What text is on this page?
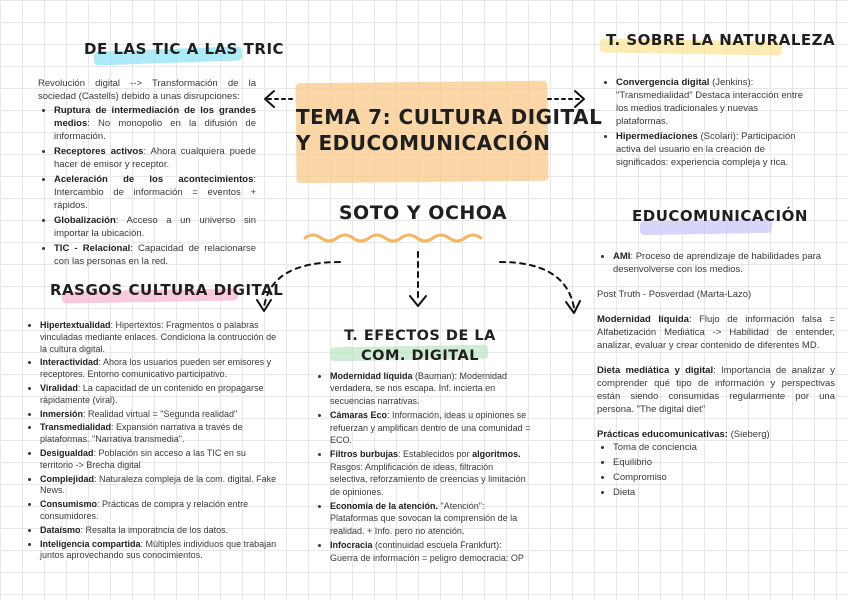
TEMA 7: CULTURA DIGITAL
Y EDUCOMUNICACIÓN
SOTO Y OCHOA
DE LAS TIC A LAS TRIC
Revolución digital --> Transformación de la sociedad (Castells) debido a unas disrupciones:
• Ruptura de intermediación de los grandes medios: No monopolio en la difusión de información.
• Receptores activos: Ahora cualquiera puede hacer de emisor y receptor.
• Aceleración de los acontecimientos: Intercambio de información = eventos + rápidos.
• Globalización: Acceso a un universo sin importar la ubicación.
• TIC - Relacional: Capacidad de relacionarse con las personas en la red.
T. SOBRE LA NATURALEZA
• Convergencia digital (Jenkins): "Transmedialidad" Destaca interacción entre los medios tradicionales y nuevas plataformas.
• Hipermediaciones (Scolari): Participación activa del usuario en la creación de significados: experiencia compleja y rica.
RASGOS CULTURA DIGITAL
• Hipertextualidad: Hipertextos: Fragmentos o palabras vinculadas mediante enlaces. Condiciona la contrucción de la cultura digital.
• Interactividad: Ahora los usuarios pueden ser emisores y receptores. Entorno comunicativo participativo.
• Viralidad: La capacidad de un contenido en propagarse rápidamente (viral).
• Inmersión: Realidad virtual = "Segunda realidad"
• Transmedialidad: Expansión narrativa a través de plataformas. "Narrativa transmedia".
• Desigualdad: Población sin acceso a las TIC en su territorio -> Brecha digital
• Complejidad: Naturaleza compleja de la com. digital. Fake News.
• Consumismo: Prácticas de compra y relación entre consumidores.
• Dataísmo: Resalta la imporatncia de los datos.
• Inteligencia compartida: Múltiples individuos que trabajan juntos aprovechando sus conocimientos.
T. EFECTOS DE LA
COM. DIGITAL
• Modernidad líquida (Bauman): Modernidad verdadera, se nos escapa. Inf. incierta en secuencias narrativas.
• Cámaras Eco: Información, ideas u opiniones se refuerzan y amplifican dentro de una comunidad = ECO.
• Filtros burbujas: Establecidos por algoritmos. Rasgos: Amplificación de ideas, filtración selectiva, reforzamiento de creencias y limitación de opiniones.
• Economía de la atención. "Atención": Plataformas que sovocan la comprensión de la realidad. + Info. pero no atención.
• Infocracia (continuidad escuela Frankfurt): Guerra de información = peligro democracia: OP
EDUCOMUNICACIÓN
• AMI: Proceso de aprendizaje de habilidades para desenvolverse con los medios.
Post Truth - Posverdad (Marta-Lazo)
Modernidad líquida: Flujo de información falsa = Alfabetización Mediática -> Habilidad de entender, analizar, evaluar y crear contenido de diferentes MD.
Dieta mediática y digital: Importancia de analizar y comprender qué tipo de información y perspectivas están siendo consumidas regularmente por una persona. "The digital diet"
Prácticas educomunicativas: (Sieberg)
• Toma de conciencia
• Equilibrio
• Compromiso
• Dieta
